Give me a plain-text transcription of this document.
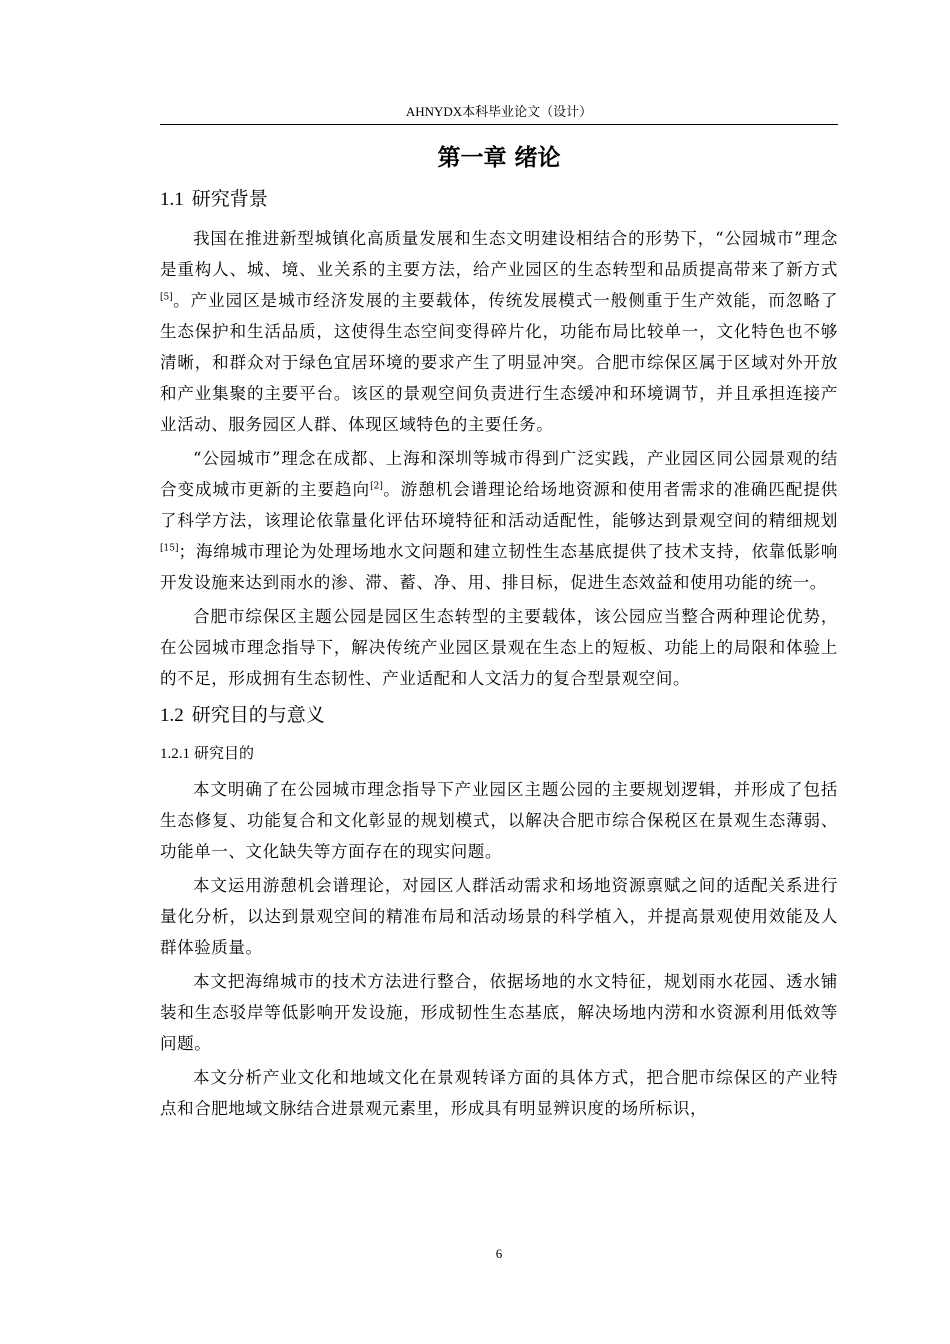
AHNYDX本科毕业论文（设计）
第一章 绪论
1.1 研究背景

我国在推进新型城镇化高质量发展和生态文明建设相结合的形势下，“公园城市”理念是重构人、城、境、业关系的主要方法，给产业园区的生态转型和品质提高带来了新方式[5]。产业园区是城市经济发展的主要载体，传统发展模式一般侧重于生产效能，而忽略了生态保护和生活品质，这使得生态空间变得碎片化，功能布局比较单一，文化特色也不够清晰，和群众对于绿色宜居环境的要求产生了明显冲突。合肥市综保区属于区域对外开放和产业集聚的主要平台。该区的景观空间负责进行生态缓冲和环境调节，并且承担连接产业活动、服务园区人群、体现区域特色的主要任务。

“公园城市”理念在成都、上海和深圳等城市得到广泛实践，产业园区同公园景观的结合变成城市更新的主要趋向[2]。游憩机会谱理论给场地资源和使用者需求的准确匹配提供了科学方法，该理论依靠量化评估环境特征和活动适配性，能够达到景观空间的精细规划[15]；海绵城市理论为处理场地水文问题和建立韧性生态基底提供了技术支持，依靠低影响开发设施来达到雨水的渗、滞、蓄、净、用、排目标，促进生态效益和使用功能的统一。

合肥市综保区主题公园是园区生态转型的主要载体，该公园应当整合两种理论优势，在公园城市理念指导下，解决传统产业园区景观在生态上的短板、功能上的局限和体验上的不足，形成拥有生态韧性、产业适配和人文活力的复合型景观空间。

1.2 研究目的与意义
1.2.1 研究目的

本文明确了在公园城市理念指导下产业园区主题公园的主要规划逻辑，并形成了包括生态修复、功能复合和文化彰显的规划模式，以解决合肥市综合保税区在景观生态薄弱、功能单一、文化缺失等方面存在的现实问题。

本文运用游憩机会谱理论，对园区人群活动需求和场地资源禀赋之间的适配关系进行量化分析，以达到景观空间的精准布局和活动场景的科学植入，并提高景观使用效能及人群体验质量。

本文把海绵城市的技术方法进行整合，依据场地的水文特征，规划雨水花园、透水铺装和生态驳岸等低影响开发设施，形成韧性生态基底，解决场地内涝和水资源利用低效等问题。

本文分析产业文化和地域文化在景观转译方面的具体方式，把合肥市综保区的产业特点和合肥地域文脉结合进景观元素里，形成具有明显辨识度的场所标识，

6
